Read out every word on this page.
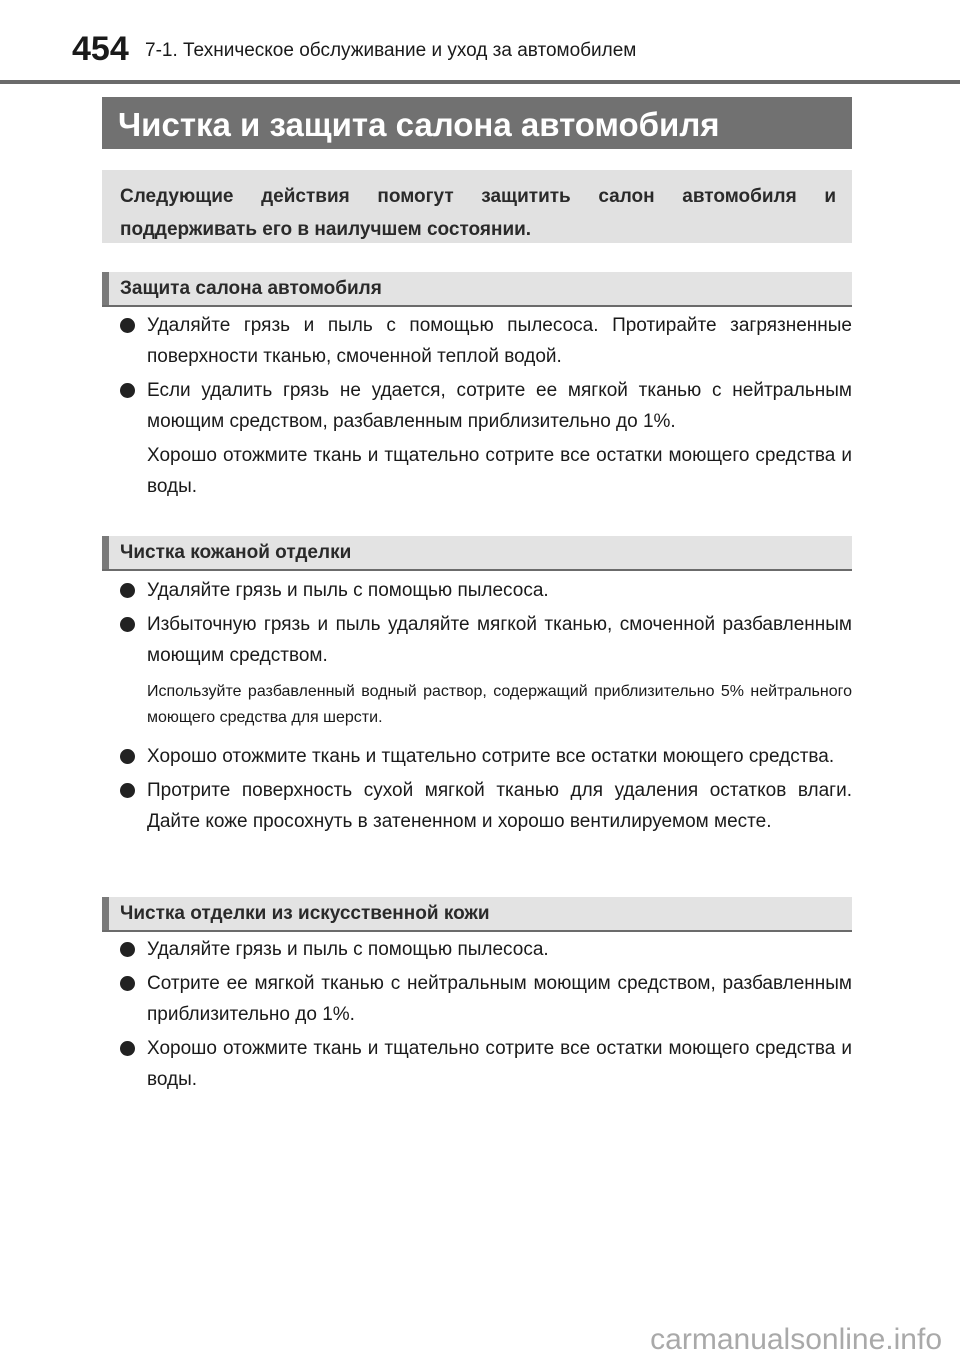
454 7-1. Техническое обслуживание и уход за автомобилем
Чистка и защита салона автомобиля
Следующие действия помогут защитить салон автомобиля и поддерживать его в наилучшем состоянии.
Защита салона автомобиля
Удаляйте грязь и пыль с помощью пылесоса. Протирайте загрязненные поверхности тканью, смоченной теплой водой.
Если удалить грязь не удается, сотрите ее мягкой тканью с нейтральным моющим средством, разбавленным приблизительно до 1%.
Хорошо отожмите ткань и тщательно сотрите все остатки моющего средства и воды.
Чистка кожаной отделки
Удаляйте грязь и пыль с помощью пылесоса.
Избыточную грязь и пыль удаляйте мягкой тканью, смоченной разбавленным моющим средством.
Используйте разбавленный водный раствор, содержащий приблизительно 5% нейтрального моющего средства для шерсти.
Хорошо отожмите ткань и тщательно сотрите все остатки моющего средства.
Протрите поверхность сухой мягкой тканью для удаления остатков влаги. Дайте коже просохнуть в затененном и хорошо вентилируемом месте.
Чистка отделки из искусственной кожи
Удаляйте грязь и пыль с помощью пылесоса.
Сотрите ее мягкой тканью с нейтральным моющим средством, разбавленным приблизительно до 1%.
Хорошо отожмите ткань и тщательно сотрите все остатки моющего средства и воды.
carmanualsonline.info
